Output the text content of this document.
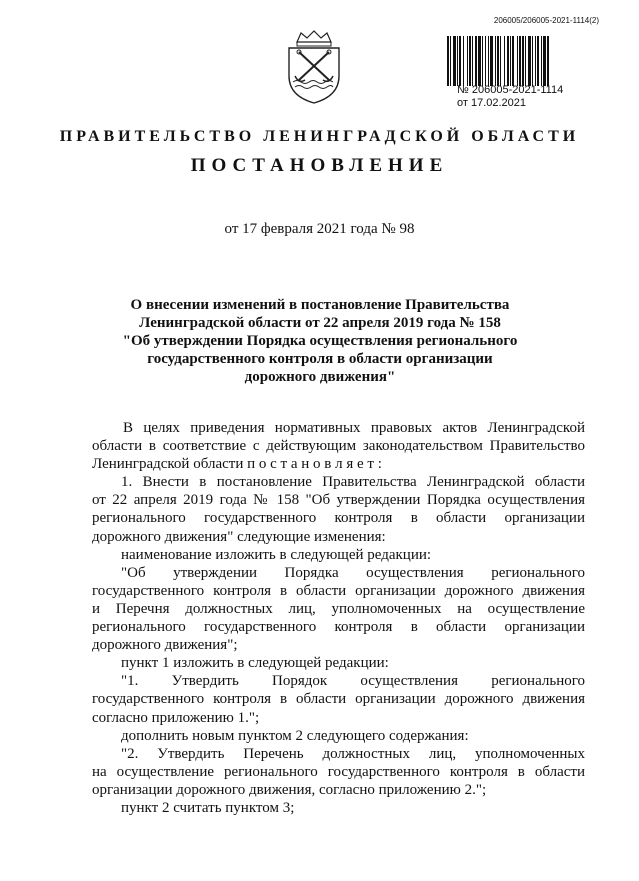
206005/206005-2021-1114(2)
№ 206005-2021-1114
от 17.02.2021
ПРАВИТЕЛЬСТВО ЛЕНИНГРАДСКОЙ ОБЛАСТИ
ПОСТАНОВЛЕНИЕ
от 17 февраля 2021 года № 98
О внесении изменений в постановление Правительства
Ленинградской области от 22 апреля 2019 года № 158
"Об утверждении Порядка осуществления регионального
государственного контроля в области организации
дорожного движения"
В целях приведения нормативных правовых актов Ленинградской
области в соответствие с действующим законодательством Правительство
Ленинградской области п о с т а н о в л я е т :
1. Внести в постановление Правительства Ленинградской области
от 22 апреля 2019 года № 158 "Об утверждении Порядка осуществления
регионального государственного контроля в области организации
дорожного движения" следующие изменения:
наименование изложить в следующей редакции:
"Об утверждении Порядка осуществления регионального
государственного контроля в области организации дорожного движения
и Перечня должностных лиц, уполномоченных на осуществление
регионального государственного контроля в области организации
дорожного движения";
пункт 1 изложить в следующей редакции:
"1. Утвердить Порядок осуществления регионального
государственного контроля в области организации дорожного движения
согласно приложению 1.";
дополнить новым пунктом 2 следующего содержания:
"2. Утвердить Перечень должностных лиц, уполномоченных
на осуществление регионального государственного контроля в области
организации дорожного движения, согласно приложению 2.";
пункт 2 считать пунктом 3;
